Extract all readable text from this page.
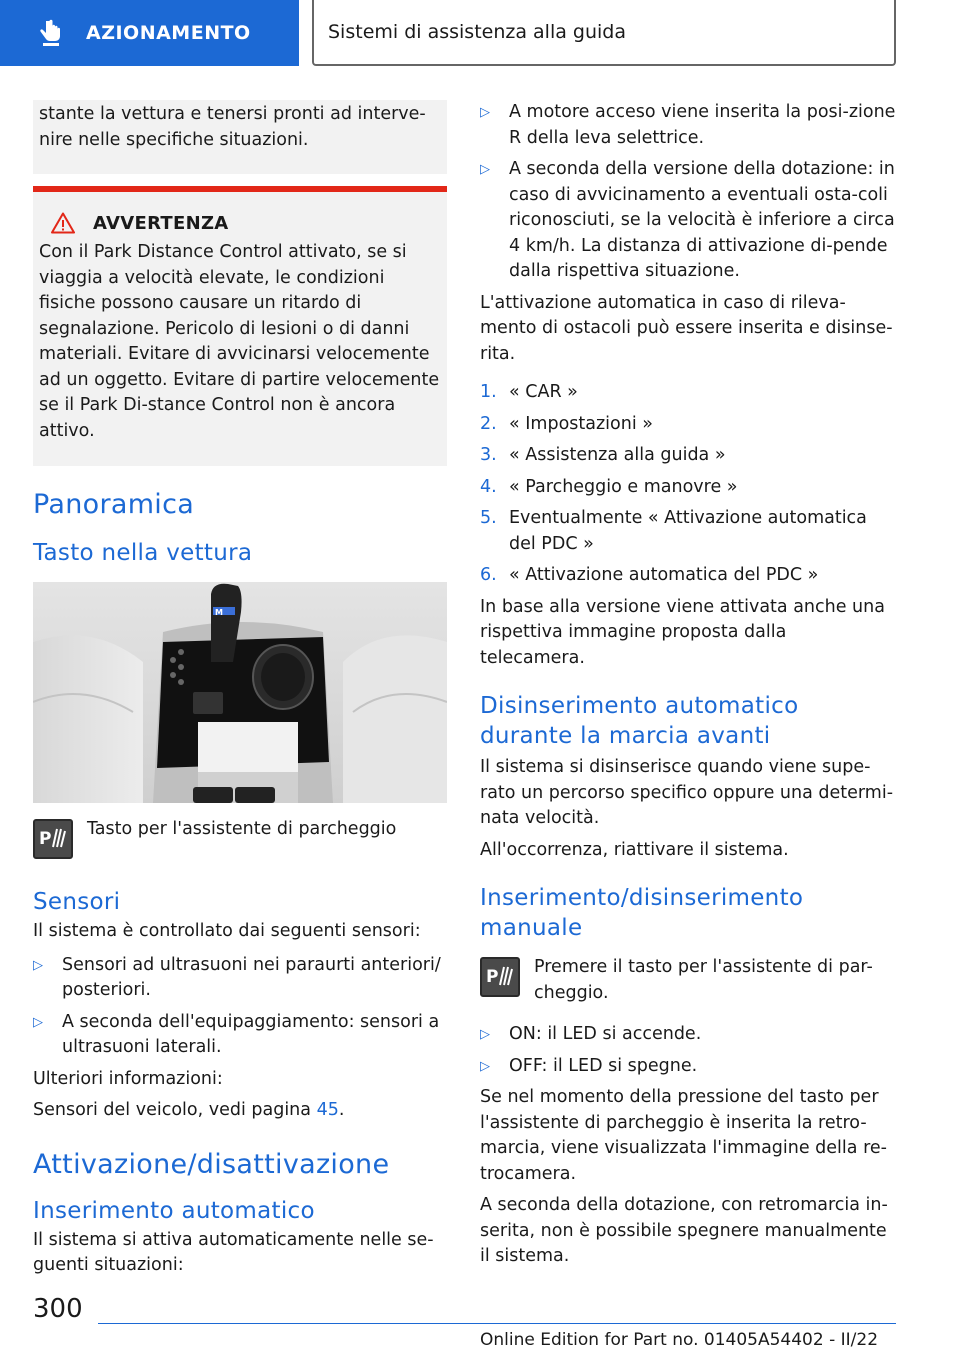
AZIONAMENTO	Sistemi di assistenza alla guida

stante la vettura e tenersi pronti ad interve-
nire nelle specifiche situazioni.

AVVERTENZA

Con il Park Distance Control attivato, se si viaggia a velocità elevate, le condizioni fisiche possono causare un ritardo di segnalazione. Pericolo di lesioni o di danni materiali. Evitare di avvicinarsi velocemente ad un oggetto. Evitare di partire velocemente se il Park Di-stance Control non è ancora attivo.

Panoramica
Tasto nella vettura
M
P Tasto per l'assistente di parcheggio

Sensori

Il sistema è controllato dai seguenti sensori:

▷ Sensori ad ultrasuoni nei paraurti anteriori/ posteriori.
▷ A seconda dell'equipaggiamento: sensori a ultrasuoni laterali.

Ulteriori informazioni:

Sensori del veicolo, vedi pagina 45.

Attivazione/disattivazione
Inserimento automatico

Il sistema si attiva automaticamente nelle se-guenti situazioni:

▷ A motore acceso viene inserita la posi-zione R della leva selettrice.
▷ A seconda della versione della dotazione: in caso di avvicinamento a eventuali osta-coli riconosciuti, se la velocità è inferiore a circa 4 km/h. La distanza di attivazione di-pende dalla rispettiva situazione.

L'attivazione automatica in caso di rileva-mento di ostacoli può essere inserita e disinse-rita.

1. « CAR »
2. « Impostazioni »
3. « Assistenza alla guida »
4. « Parcheggio e manovre »
5. Eventualmente « Attivazione automatica del PDC »
6. « Attivazione automatica del PDC »

In base alla versione viene attivata anche una rispettiva immagine proposta dalla telecamera.

Disinserimento automatico durante la marcia avanti

Il sistema si disinserisce quando viene supe-rato un percorso specifico oppure una determi-nata velocità.

All'occorrenza, riattivare il sistema.

Inserimento/disinserimento manuale
P Premere il tasto per l'assistente di par-cheggio.

▷ ON: il LED si accende.
▷ OFF: il LED si spegne.

Se nel momento della pressione del tasto per l'assistente di parcheggio è inserita la retro-marcia, viene visualizzata l'immagine della re-trocamera.

A seconda della dotazione, con retromarcia in-serita, non è possibile spegnere manualmente il sistema.

300
Online Edition for Part no. 01405A54402 - II/22
